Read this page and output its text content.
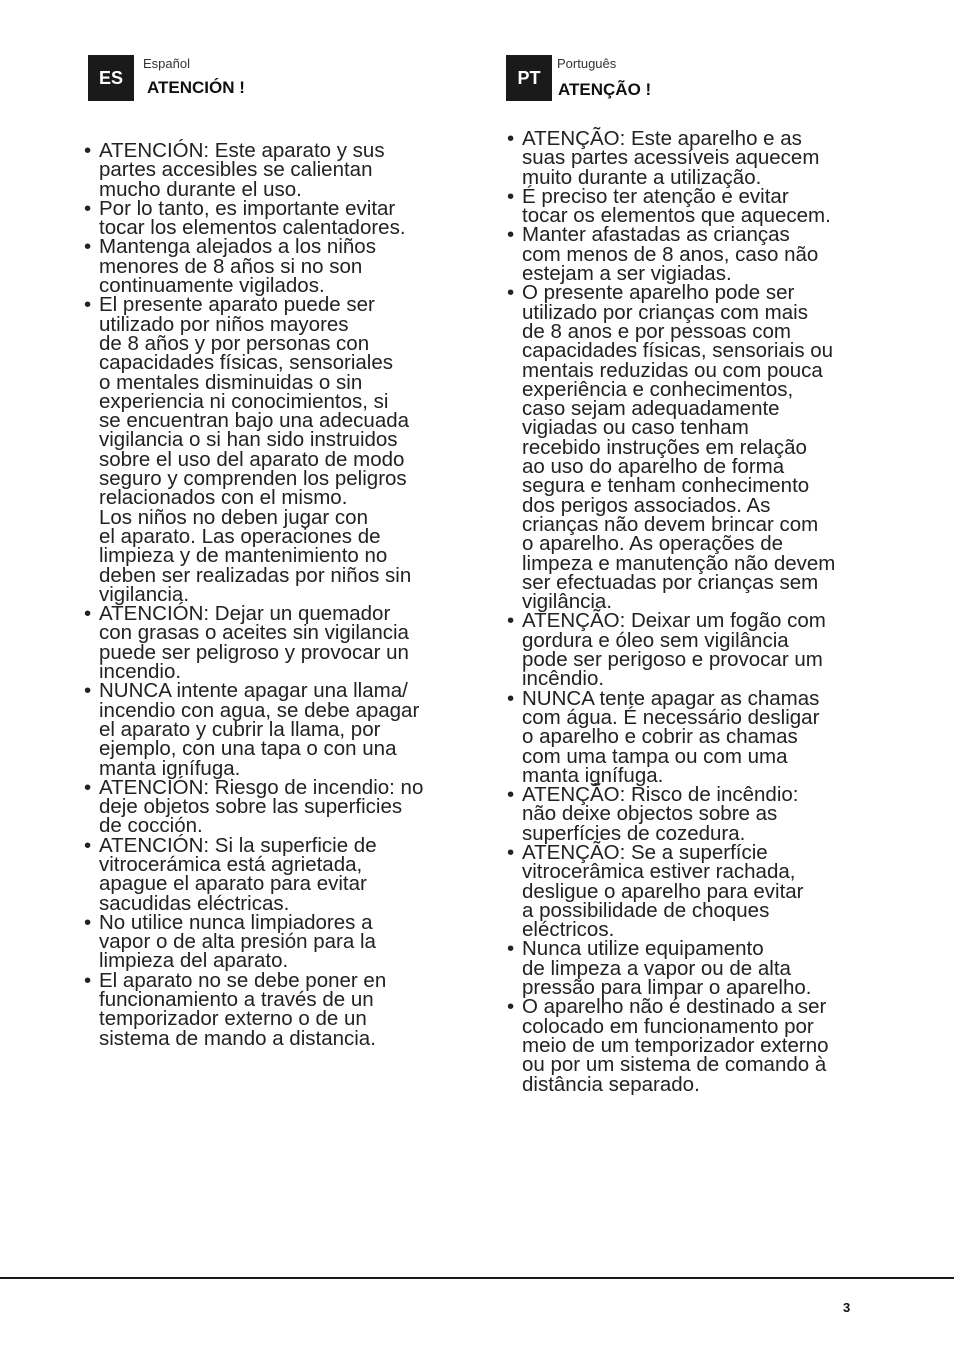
ES
Español
ATENCIÓN !
• ATENCIÓN: Este aparato y sus
partes accesibles se calientan
mucho durante el uso.
• Por lo tanto, es importante evitar
tocar los elementos calentadores.
• Mantenga alejados a los niños
menores de 8 años si no son
continuamente vigilados.
• El presente aparato puede ser
utilizado por niños mayores
de 8 años y por personas con
capacidades físicas, sensoriales
o mentales disminuidas o sin
experiencia ni conocimientos, si
se encuentran bajo una adecuada
vigilancia o si han sido instruidos
sobre el uso del aparato de modo
seguro y comprenden los peligros
relacionados con el mismo.
Los niños no deben jugar con
el aparato. Las operaciones de
limpieza y de mantenimiento no
deben ser realizadas por niños sin
vigilancia.
• ATENCIÓN: Dejar un quemador
con grasas o aceites sin vigilancia
puede ser peligroso y provocar un
incendio.
• NUNCA intente apagar una llama/
incendio con agua, se debe apagar
el aparato y cubrir la llama, por
ejemplo, con una tapa o con una
manta ignífuga.
• ATENCIÓN: Riesgo de incendio: no
deje objetos sobre las superficies
de cocción.
• ATENCIÓN: Si la superficie de
vitrocerámica está agrietada,
apague el aparato para evitar
sacudidas eléctricas.
• No utilice nunca limpiadores a
vapor o de alta presión para la
limpieza del aparato.
• El aparato no se debe poner en
funcionamiento a través de un
temporizador externo o de un
sistema de mando a distancia.
PT
Português
ATENÇÃO !
• ATENÇÃO: Este aparelho e as
suas partes acessíveis aquecem
muito durante a utilização.
• É preciso ter atenção e evitar
tocar os elementos que aquecem.
• Manter afastadas as crianças
com menos de 8 anos, caso não
estejam a ser vigiadas.
• O presente aparelho pode ser
utilizado por crianças com mais
de 8 anos e por pessoas com
capacidades físicas, sensoriais ou
mentais reduzidas ou com pouca
experiência e conhecimentos,
caso sejam adequadamente
vigiadas ou caso tenham
recebido instruções em relação
ao uso do aparelho de forma
segura e tenham conhecimento
dos perigos associados. As
crianças não devem brincar com
o aparelho. As operações de
limpeza e manutenção não devem
ser efectuadas por crianças sem
vigilância.
• ATENÇÃO: Deixar um fogão com
gordura e óleo sem vigilância
pode ser perigoso e provocar um
incêndio.
• NUNCA tente apagar as chamas
com água. É necessário desligar
o aparelho e cobrir as chamas
com uma tampa ou com uma
manta ignífuga.
• ATENÇÃO: Risco de incêndio:
não deixe objectos sobre as
superfícies de cozedura.
• ATENÇÃO: Se a superfície
vitrocerâmica estiver rachada,
desligue o aparelho para evitar
a possibilidade de choques
eléctricos.
• Nunca utilize equipamento
de limpeza a vapor ou de alta
pressão para limpar o aparelho.
• O aparelho não é destinado a ser
colocado em funcionamento por
meio de um temporizador externo
ou por um sistema de comando à
distância separado.
3
